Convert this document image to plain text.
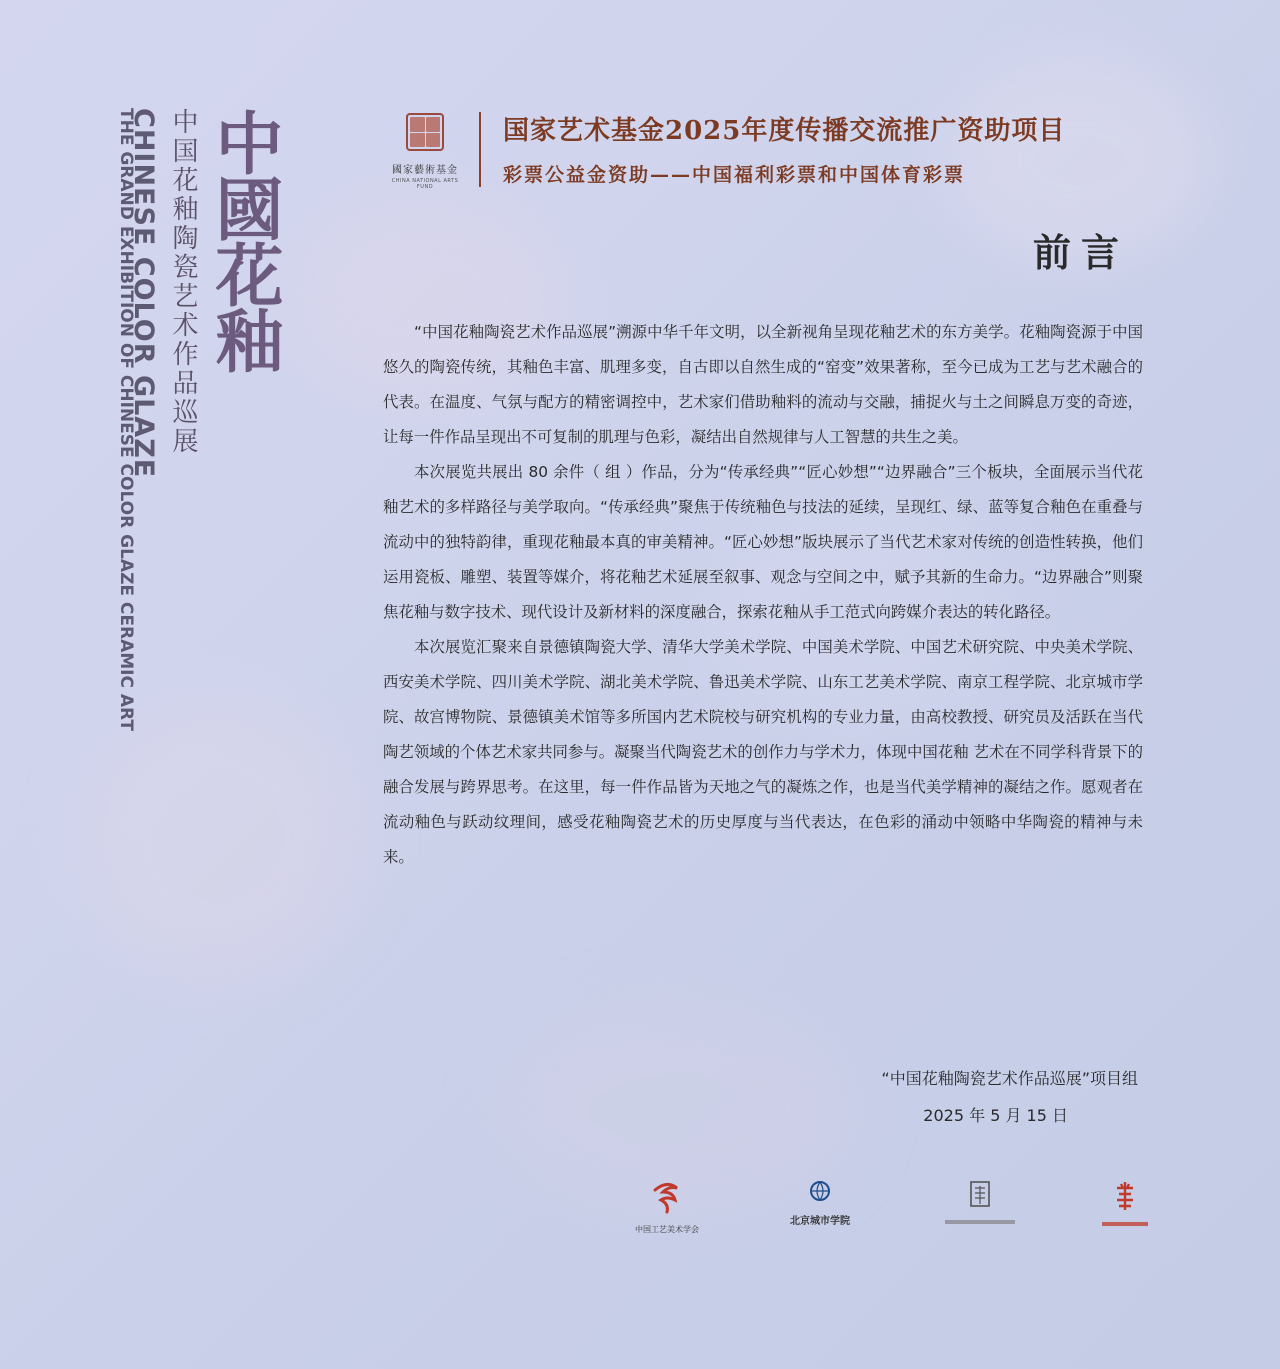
中國花釉
中国花釉陶瓷艺术作品巡展
CHINESE COLOR GLAZE
THE GRAND EXHIBITION OF CHINESE COLOR GLAZE CERAMIC ART	國家藝術基金
CHINA NATIONAL ARTS FUND
国家艺术基金2025年度传播交流推广资助项目
彩票公益金资助——中国福利彩票和中国体育彩票
前言

“中国花釉陶瓷艺术作品巡展”溯源中华千年文明，以全新视角呈现花釉艺术的东方美学。花釉陶瓷源于中国悠久的陶瓷传统，其釉色丰富、肌理多变，自古即以自然生成的“窑变”效果著称，至今已成为工艺与艺术融合的代表。在温度、气氛与配方的精密调控中，艺术家们借助釉料的流动与交融，捕捉火与土之间瞬息万变的奇迹，让每一件作品呈现出不可复制的肌理与色彩，凝结出自然规律与人工智慧的共生之美。

本次展览共展出 80 余件（ 组 ）作品，分为“传承经典”“匠心妙想”“边界融合”三个板块，全面展示当代花釉艺术的多样路径与美学取向。“传承经典”聚焦于传统釉色与技法的延续，呈现红、绿、蓝等复合釉色在重叠与流动中的独特韵律，重现花釉最本真的审美精神。“匠心妙想”版块展示了当代艺术家对传统的创造性转换，他们运用瓷板、雕塑、装置等媒介，将花釉艺术延展至叙事、观念与空间之中，赋予其新的生命力。“边界融合”则聚焦花釉与数字技术、现代设计及新材料的深度融合，探索花釉从手工范式向跨媒介表达的转化路径。

本次展览汇聚来自景德镇陶瓷大学、清华大学美术学院、中国美术学院、中国艺术研究院、中央美术学院、西安美术学院、四川美术学院、湖北美术学院、鲁迅美术学院、山东工艺美术学院、南京工程学院、北京城市学院、故宫博物院、景德镇美术馆等多所国内艺术院校与研究机构的专业力量，由高校教授、研究员及活跃在当代陶艺领域的个体艺术家共同参与。凝聚当代陶瓷艺术的创作力与学术力，体现中国花釉 艺术在不同学科背景下的融合发展与跨界思考。在这里，每一件作品皆为天地之气的凝炼之作，也是当代美学精神的凝结之作。愿观者在流动釉色与跃动纹理间，感受花釉陶瓷艺术的历史厚度与当代表达，在色彩的涌动中领略中华陶瓷的精神与未来。

“中国花釉陶瓷艺术作品巡展”项目组
2025 年 5 月 15 日
中国工艺美术学会
北京城市学院
